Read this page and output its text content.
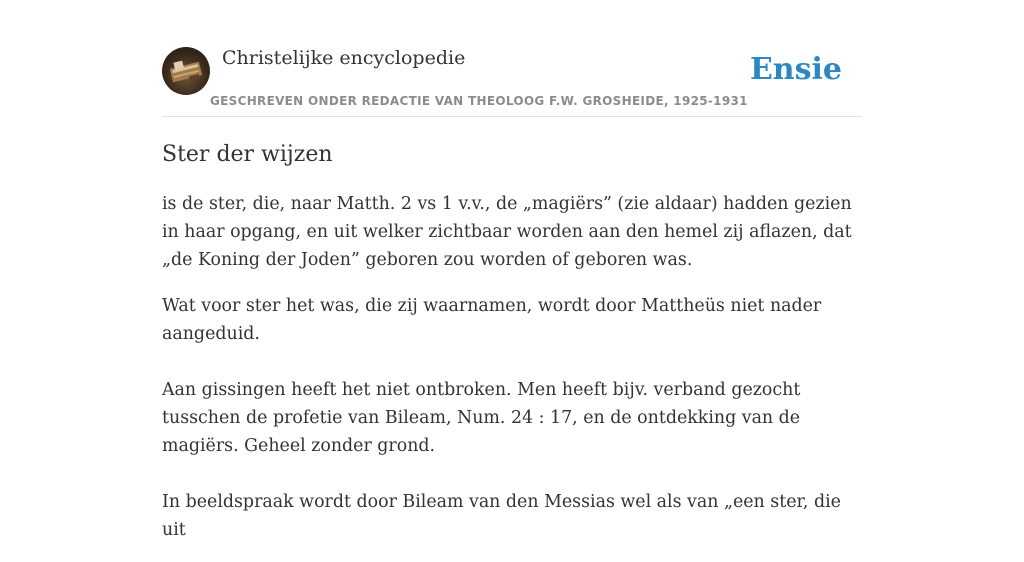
Christelijke encyclopedie
GESCHREVEN ONDER REDACTIE VAN THEOLOOG F.W. GROSHEIDE, 1925-1931
Ensie
Ster der wijzen

is de ster, die, naar Matth. 2 vs 1 v.v., de „magiërs” (zie aldaar) hadden gezien in haar opgang, en uit welker zichtbaar worden aan den hemel zij aflazen, dat „de Koning der Joden” geboren zou worden of geboren was.

Wat voor ster het was, die zij waarnamen, wordt door Mattheüs niet nader aangeduid.

Aan gissingen heeft het niet ontbroken. Men heeft bijv. verband gezocht tusschen de profetie van Bileam, Num. 24 : 17, en de ontdekking van de magiërs. Geheel zonder grond.

In beeldspraak wordt door Bileam van den Messias wel als van „een ster, die uit
